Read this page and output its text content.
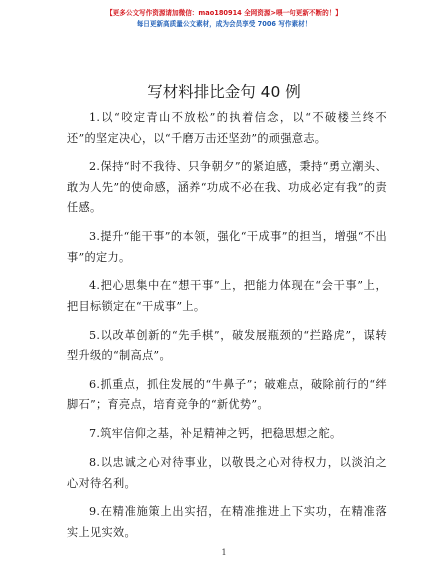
【更多公文写作资源请加微信：mao180914 全网资源>喂一句更新不断的！】
每日更新高质量公文素材，成为会员享受 7006 写作素材！
写材料排比金句 40 例

1.以“咬定青山不放松”的执着信念，以“不破楼兰终不还”的坚定决心，以“千磨万击还坚劲”的顽强意志。

2.保持“时不我待、只争朝夕”的紧迫感，秉持“勇立潮头、敢为人先”的使命感，涵养“功成不必在我、功成必定有我”的责任感。

3.提升“能干事”的本领，强化“干成事”的担当，增强“不出事”的定力。

4.把心思集中在“想干事”上，把能力体现在“会干事”上，把目标锁定在“干成事”上。

5.以改革创新的“先手棋”，破发展瓶颈的“拦路虎”，谋转型升级的“制高点”。

6.抓重点，抓住发展的“牛鼻子”；破难点，破除前行的“绊脚石”；育亮点，培育竞争的“新优势”。

7.筑牢信仰之基，补足精神之钙，把稳思想之舵。

8.以忠诚之心对待事业，以敬畏之心对待权力，以淡泊之心对待名利。

9.在精准施策上出实招，在精准推进上下实功，在精准落实上见实效。

1
